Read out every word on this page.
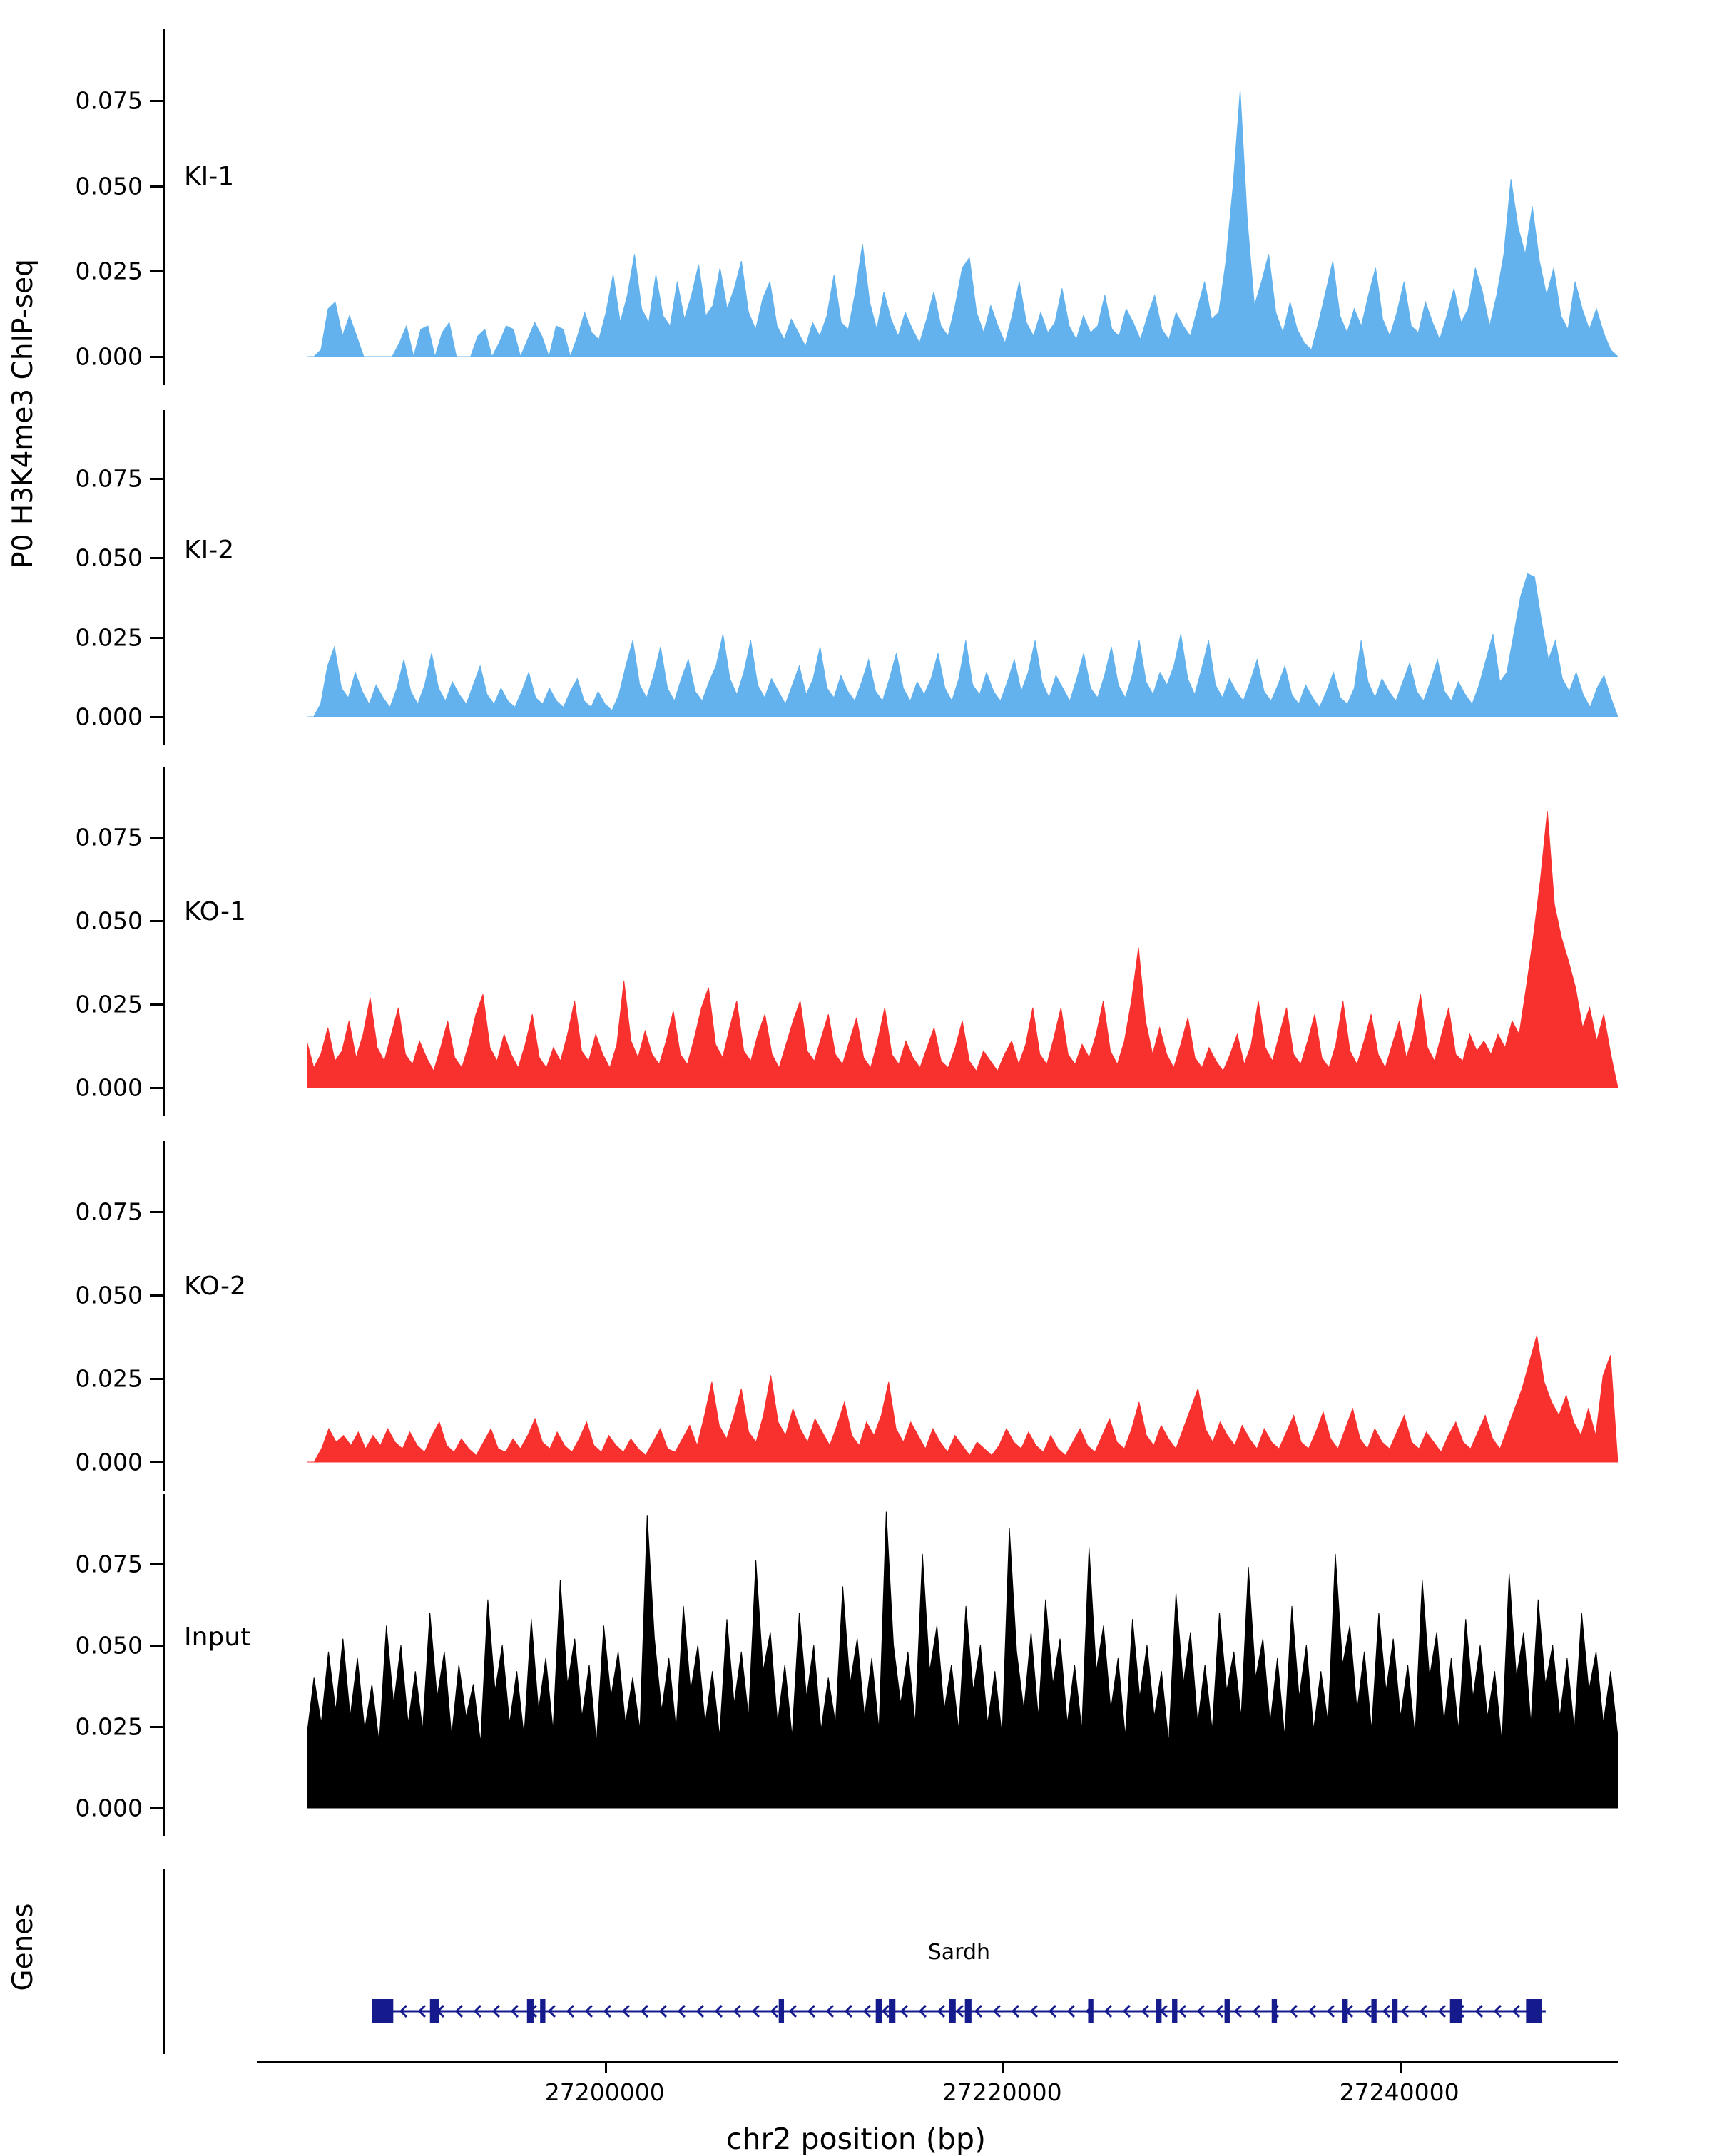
P0 H3K4me3 ChIP-seq
Genes
0.000
0.025
0.050
0.075
KI-1
0.000
0.025
0.050
0.075
KI-2
0.000
0.025
0.050
0.075
KO-1
0.000
0.025
0.050
0.075
KO-2
0.000
0.025
0.050
0.075
Input
Sardh
27200000	27220000	27240000
chr2 position (bp)
